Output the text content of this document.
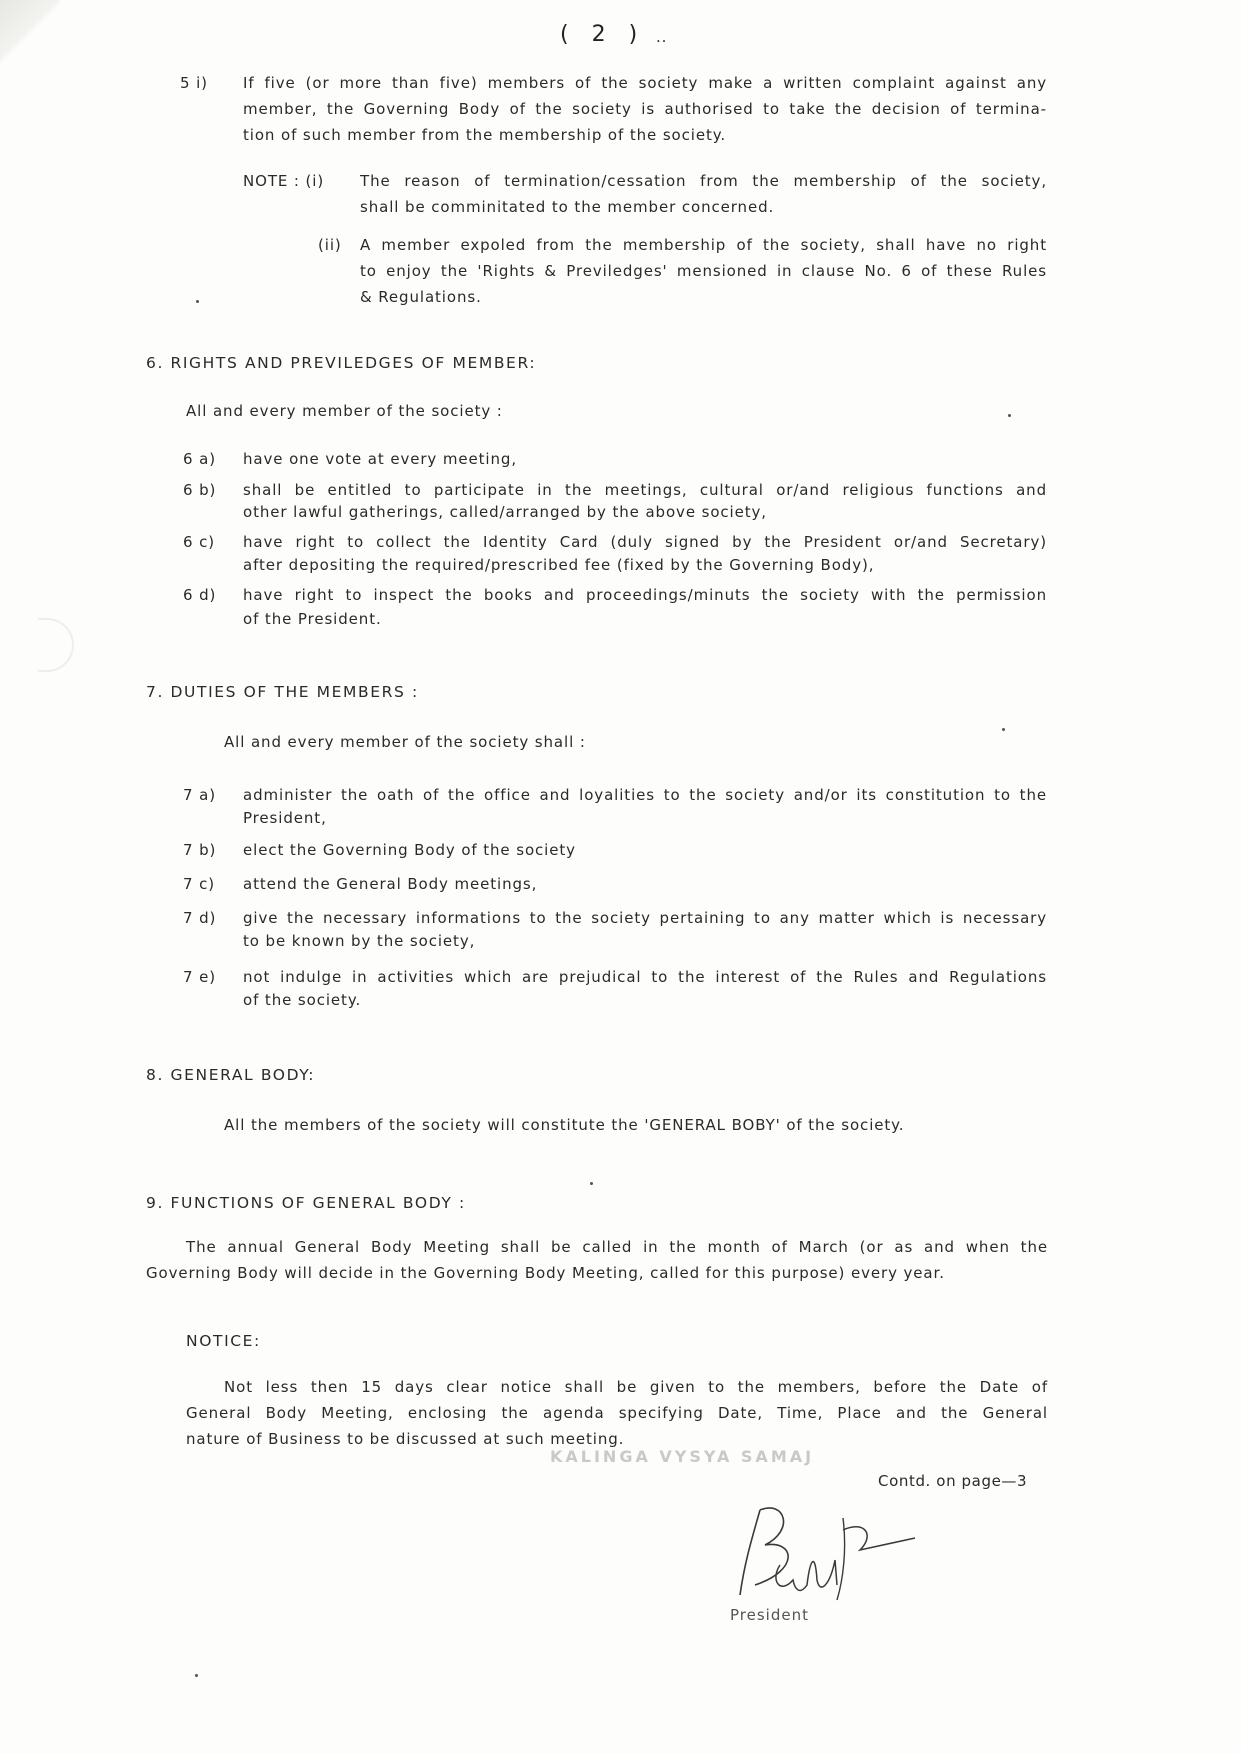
( 2 ) ..
5 i) If five (or more than five) members of the society make a written complaint against any
member, the Governing Body of the society is authorised to take the decision of termina-
tion of such member from the membership of the society.
NOTE : (i) The reason of termination/cessation from the membership of the society,
shall be comminitated to the member concerned.
(ii) A member expoled from the membership of the society, shall have no right
to enjoy the 'Rights & Previledges' mensioned in clause No. 6 of these Rules
& Regulations.
6. RIGHTS AND PREVILEDGES OF MEMBER:
All and every member of the society :
6 a) have one vote at every meeting,
6 b) shall be entitled to participate in the meetings, cultural or/and religious functions and
other lawful gatherings, called/arranged by the above society,
6 c) have right to collect the Identity Card (duly signed by the President or/and Secretary)
after depositing the required/prescribed fee (fixed by the Governing Body),
6 d) have right to inspect the books and proceedings/minuts the society with the permission
of the President.
7. DUTIES OF THE MEMBERS :
All and every member of the society shall :
7 a) administer the oath of the office and loyalities to the society and/or its constitution to the
President,
7 b) elect the Governing Body of the society
7 c) attend the General Body meetings,
7 d) give the necessary informations to the society pertaining to any matter which is necessary
to be known by the society,
7 e) not indulge in activities which are prejudical to the interest of the Rules and Regulations
of the society.
8. GENERAL BODY:
All the members of the society will constitute the 'GENERAL BOBY' of the society.
9. FUNCTIONS OF GENERAL BODY :
The annual General Body Meeting shall be called in the month of March (or as and when the
Governing Body will decide in the Governing Body Meeting, called for this purpose) every year.
NOTICE:
Not less then 15 days clear notice shall be given to the members, before the Date of
General Body Meeting, enclosing the agenda specifying Date, Time, Place and the General
nature of Business to be discussed at such meeting.
KALINGA VYSYA SAMAJ
Contd. on page—3
President
